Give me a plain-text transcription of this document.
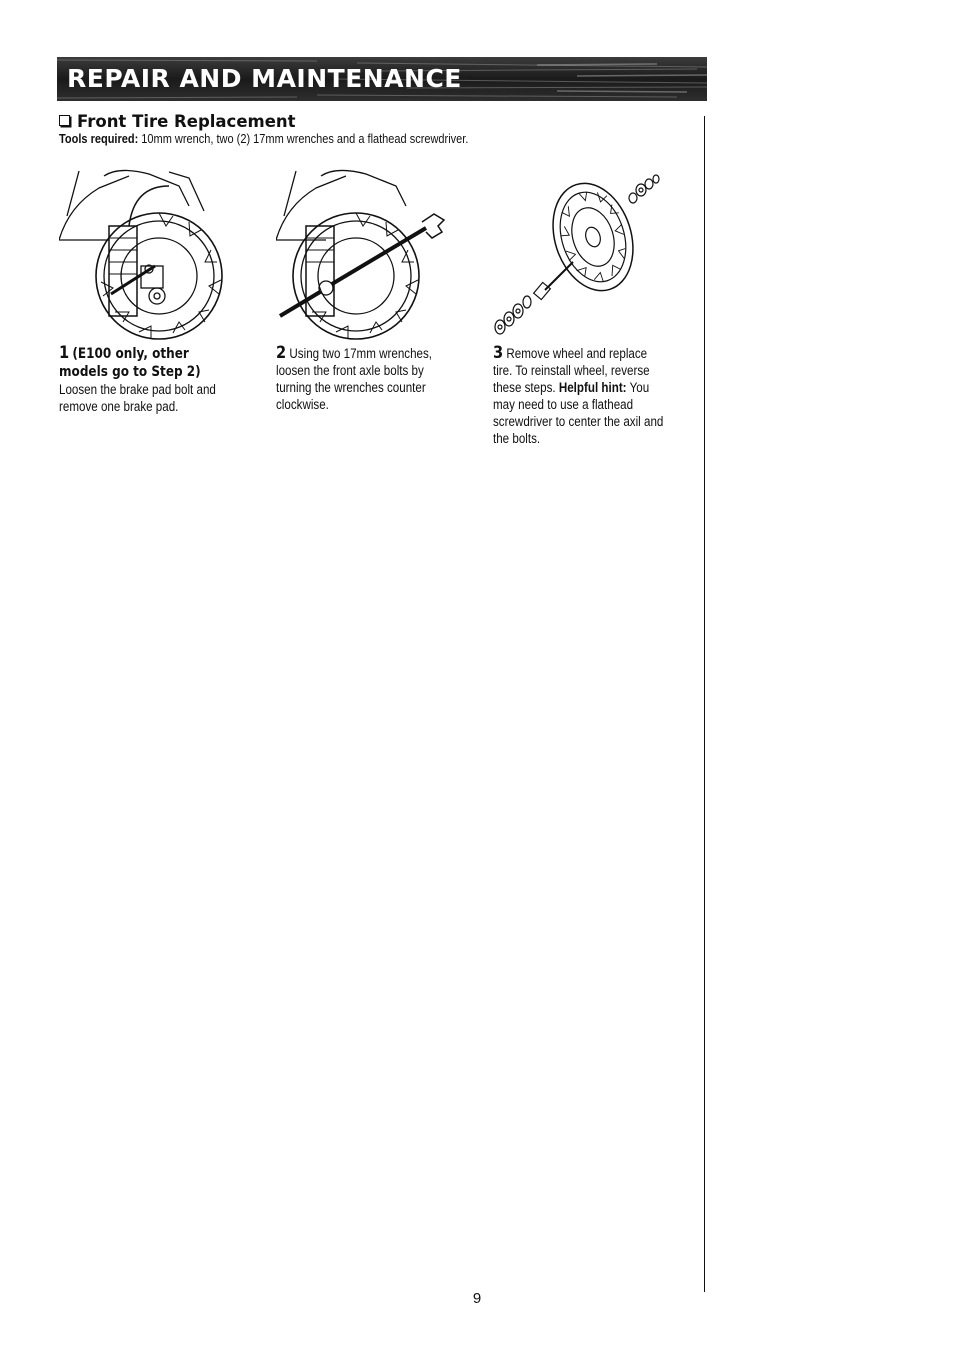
REPAIR AND MAINTENANCE
Front Tire Replacement
Tools required: 10mm wrench, two (2) 17mm wrenches and a flathead screwdriver.
1 (E100 only, other models go to Step 2)
Loosen the brake pad bolt and remove one brake pad.
2 Using two 17mm wrenches, loosen the front axle bolts by turning the wrenches counter clockwise.
3 Remove wheel and replace tire. To reinstall wheel, reverse these steps. Helpful hint: You may need to use a flathead screwdriver to center the axil and the bolts.
9
